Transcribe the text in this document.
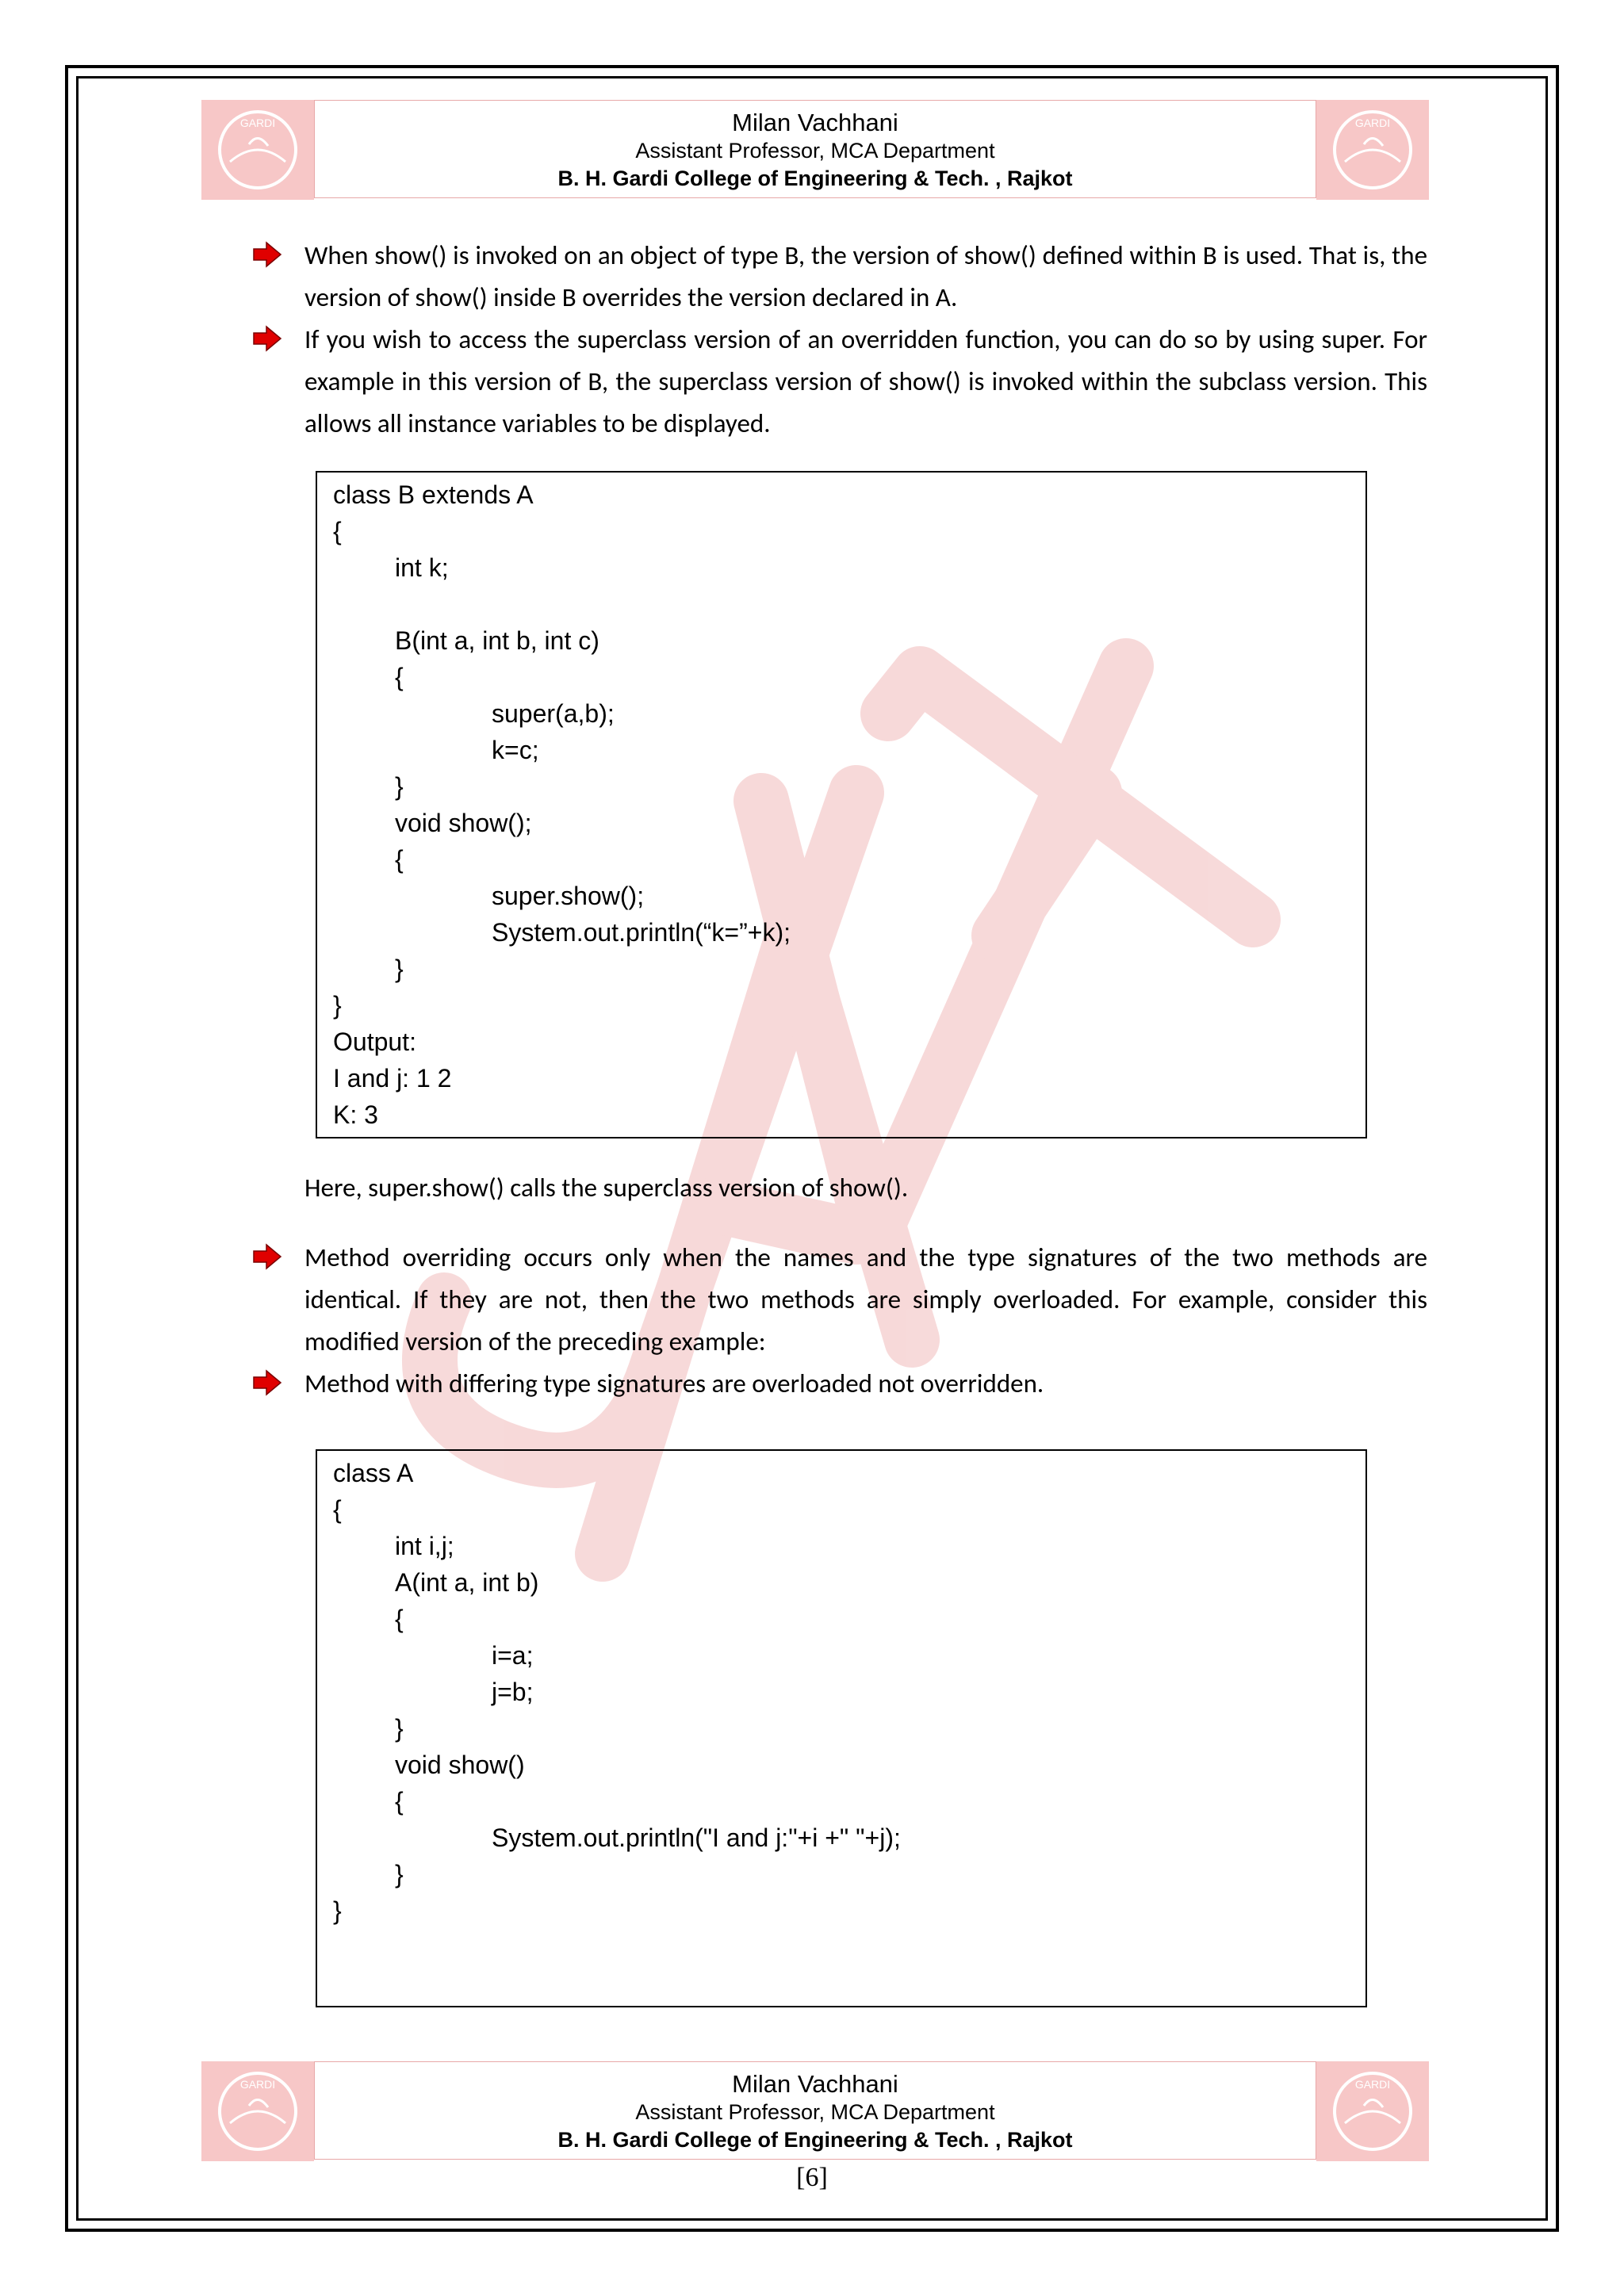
GARDI	Milan Vachhani
Assistant Professor, MCA Department
B. H. Gardi College of Engineering & Tech. , Rajkot
GARDI
When show() is invoked on an object of type B, the version of show() defined within B is used. That is, the version of show() inside B overrides the version declared in A.
If you wish to access the superclass version of an overridden function, you can do so by using super. For example in this version of B, the superclass version of show() is invoked within the subclass version. This allows all instance variables to be displayed.
class B extends A
{
int k;
B(int a, int b, int c)
{
super(a,b);
k=c;
}
void show();
{
super.show();
System.out.println(“k=”+k);
}
}
Output:
I and j: 1 2
K: 3
Here, super.show() calls the superclass version of show().
Method overriding occurs only when the names and the type signatures of the two methods are identical. If they are not, then the two methods are simply overloaded. For example, consider this modified version of the preceding example:
Method with differing type signatures are overloaded not overridden.
class A
{
int i,j;
A(int a, int b)
{
i=a;
j=b;
}
void show()
{
System.out.println("I and j:"+i +" "+j);
}
}
GARDI	Milan Vachhani
Assistant Professor, MCA Department
B. H. Gardi College of Engineering & Tech. , Rajkot
GARDI
[6]
